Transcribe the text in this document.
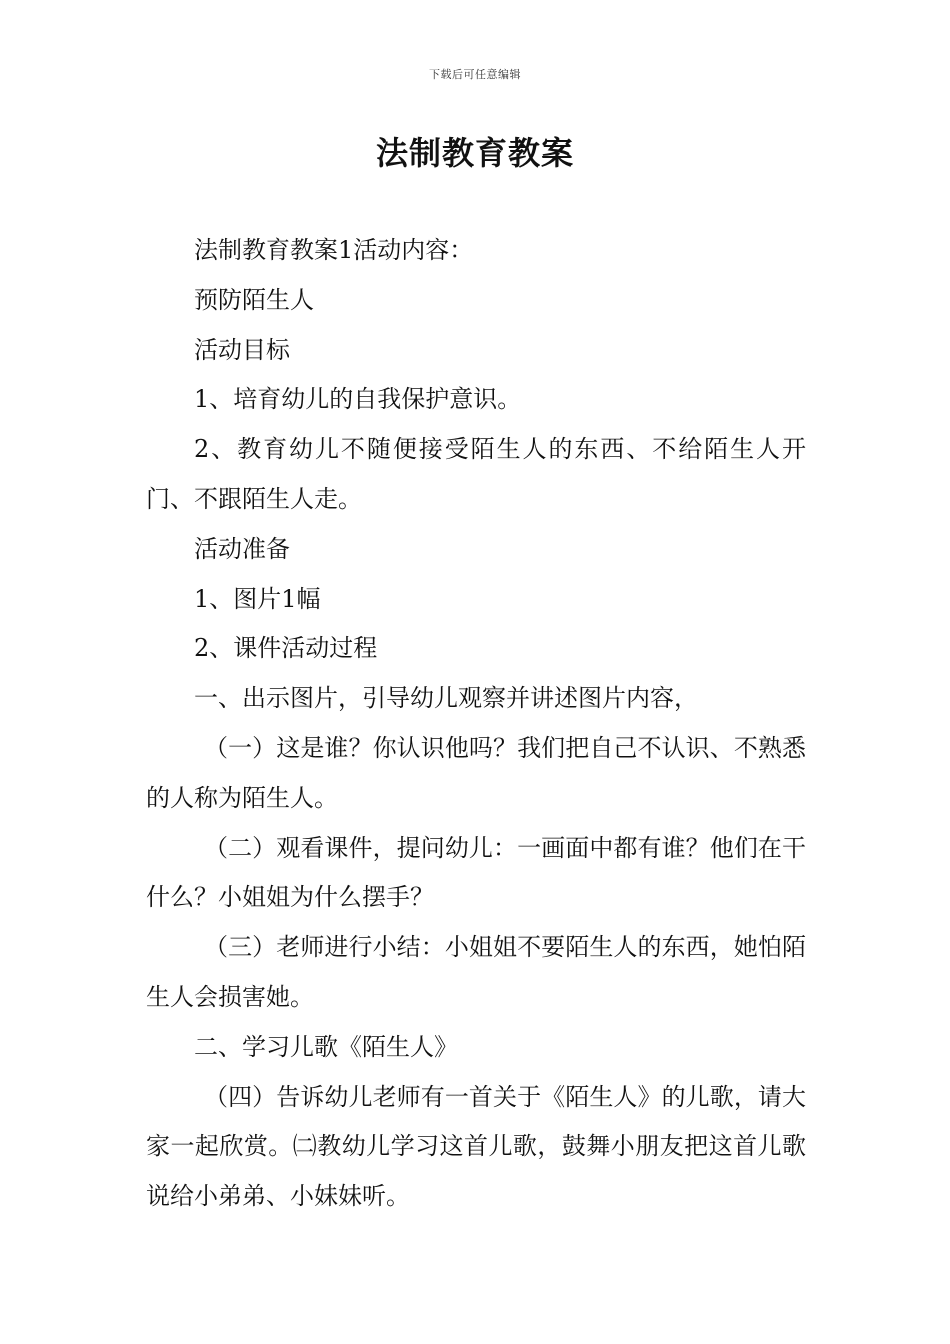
下载后可任意编辑
法制教育教案

法制教育教案1活动内容：

预防陌生人

活动目标

1、培育幼儿的自我保护意识。

2、教育幼儿不随便接受陌生人的东西、不给陌生人开门、不跟陌生人走。

活动准备

1、图片1幅

2、课件活动过程

一、出示图片，引导幼儿观察并讲述图片内容，

（一）这是谁？你认识他吗？我们把自己不认识、不熟悉的人称为陌生人。

（二）观看课件，提问幼儿：一画面中都有谁？他们在干什么？小姐姐为什么摆手？

（三）老师进行小结：小姐姐不要陌生人的东西，她怕陌生人会损害她。

二、学习儿歌《陌生人》

（四）告诉幼儿老师有一首关于《陌生人》的儿歌，请大家一起欣赏。㈡教幼儿学习这首儿歌，鼓舞小朋友把这首儿歌说给小弟弟、小妹妹听。
